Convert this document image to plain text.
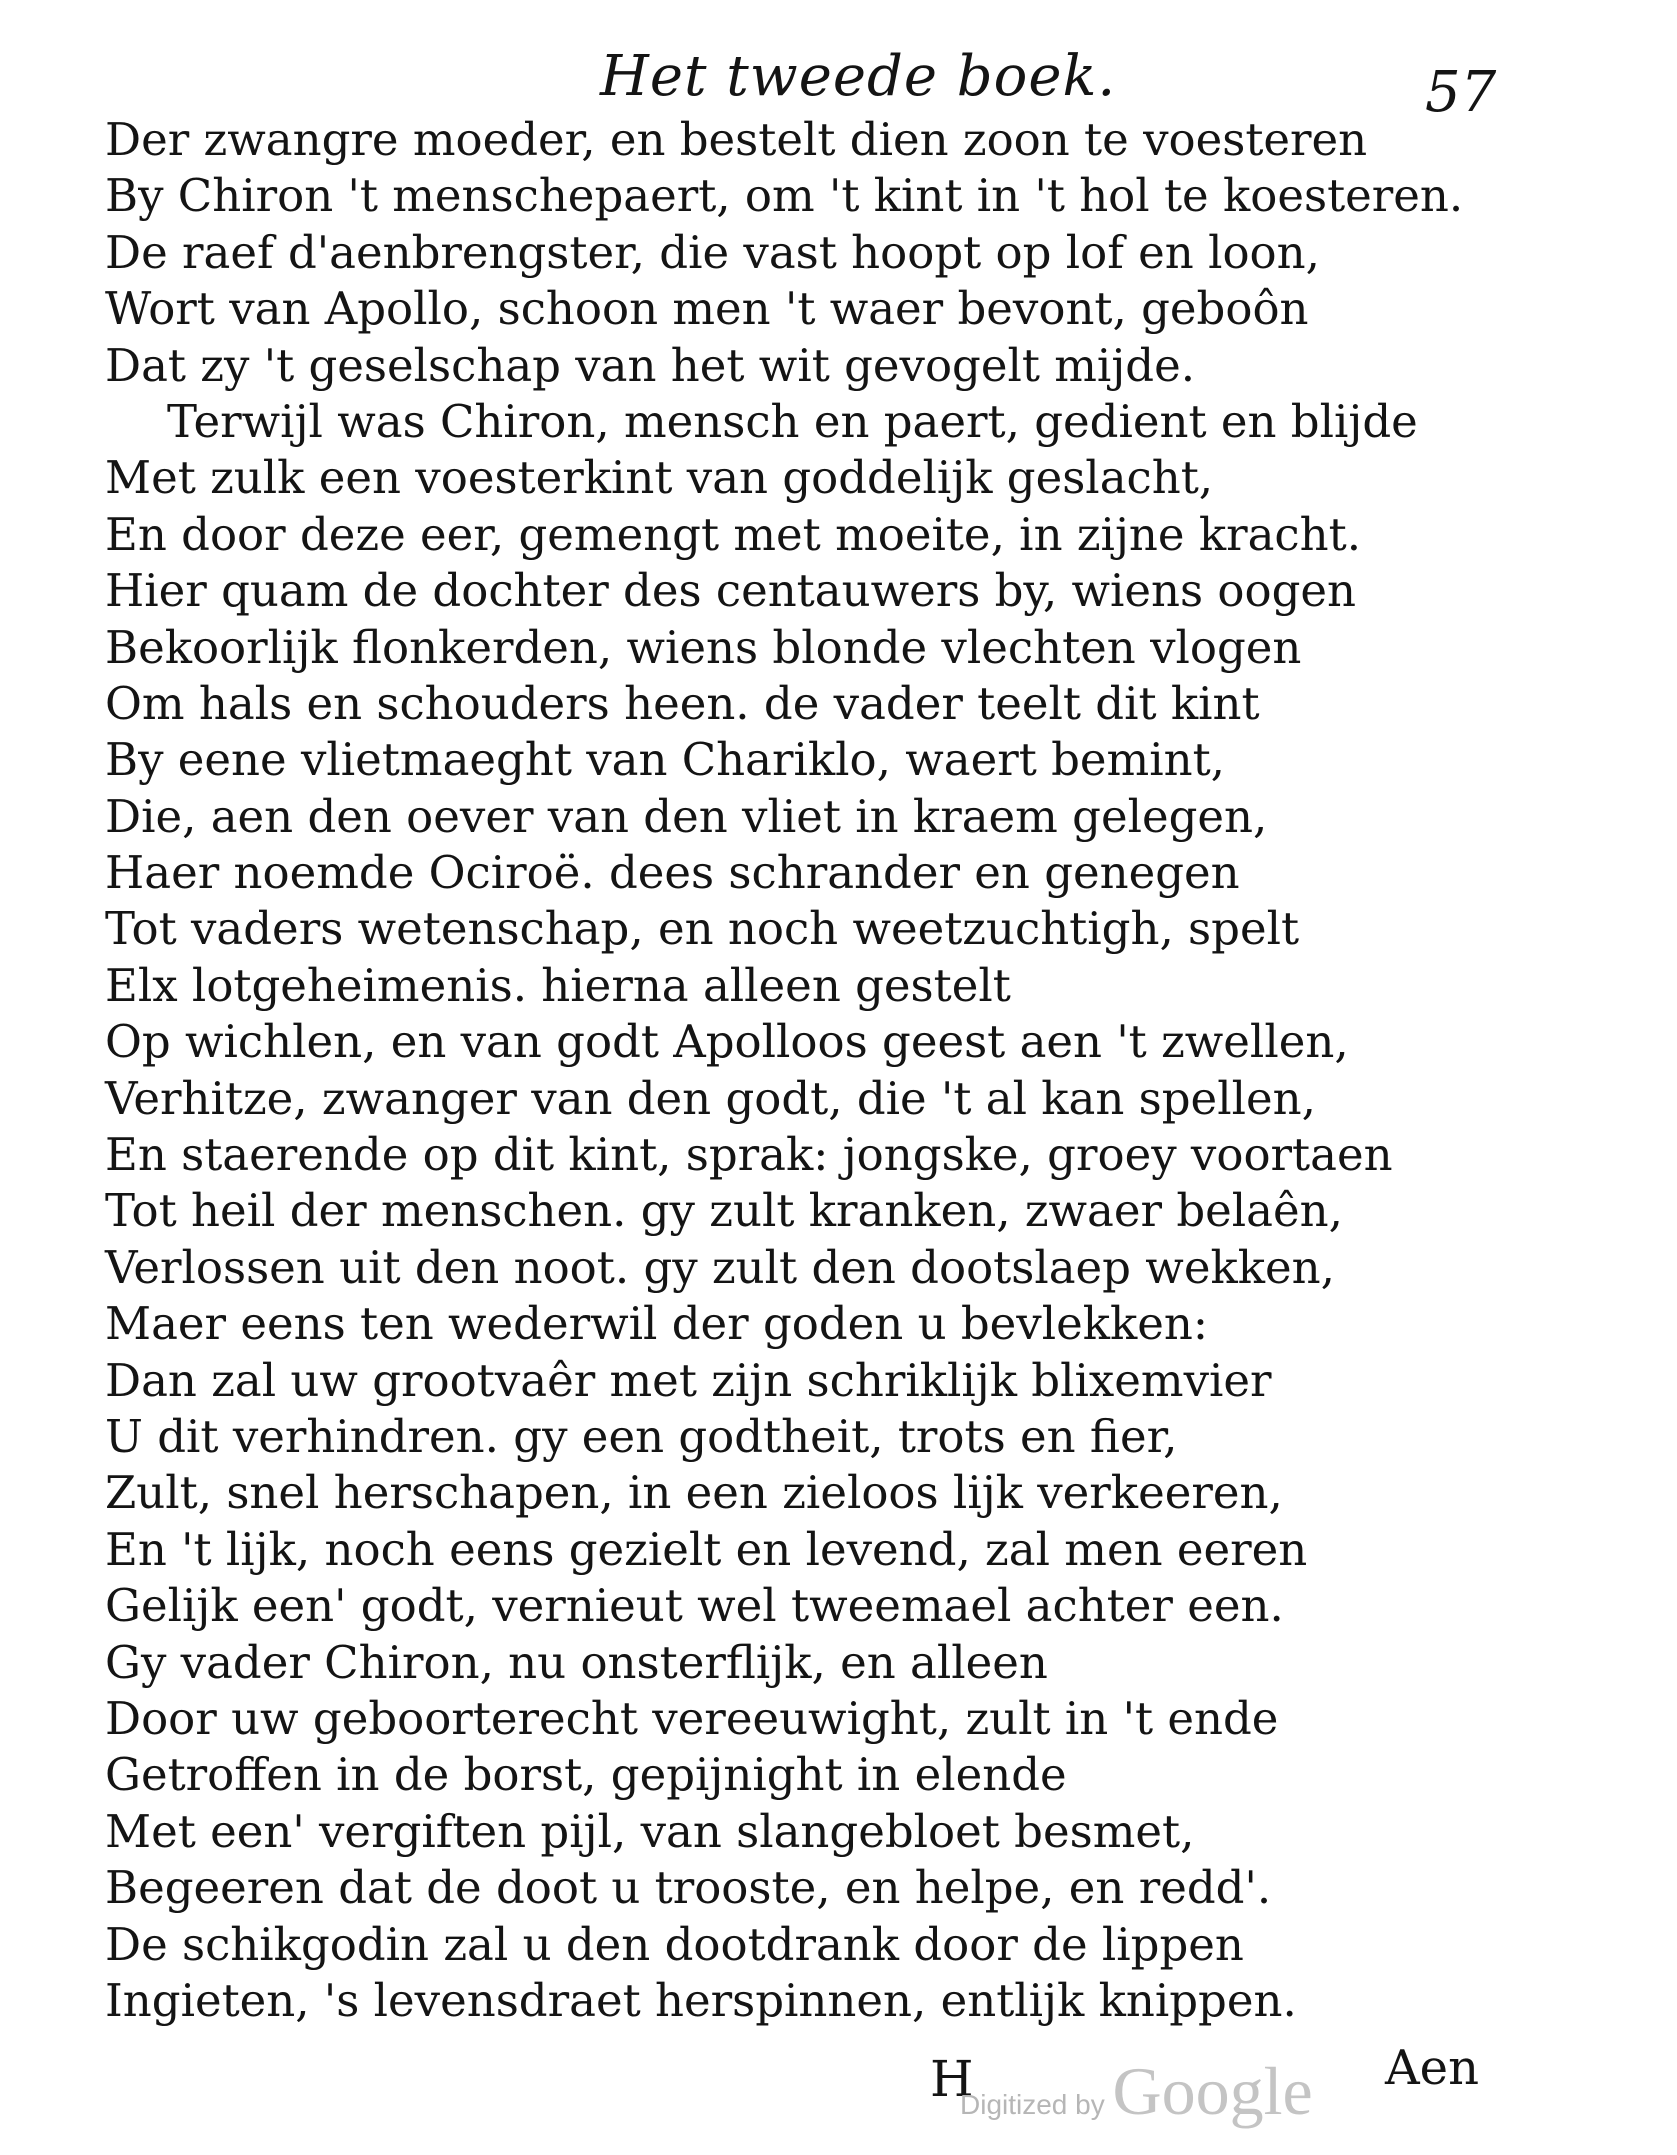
Het tweede boek.	57
Der zwangre moeder, en bestelt dien zoon te voesteren
By Chiron 't menschepaert, om 't kint in 't hol te koesteren.
De raef d'aenbrengster, die vast hoopt op lof en loon,
Wort van Apollo, schoon men 't waer bevont, geboôn
Dat zy 't geselschap van het wit gevogelt mijde.
Terwijl was Chiron, mensch en paert, gedient en blijde
Met zulk een voesterkint van goddelijk geslacht,
En door deze eer, gemengt met moeite, in zijne kracht.
Hier quam de dochter des centauwers by, wiens oogen
Bekoorlijk flonkerden, wiens blonde vlechten vlogen
Om hals en schouders heen. de vader teelt dit kint
By eene vlietmaeght van Chariklo, waert bemint,
Die, aen den oever van den vliet in kraem gelegen,
Haer noemde Ociroë. dees schrander en genegen
Tot vaders wetenschap, en noch weetzuchtigh, spelt
Elx lotgeheimenis. hierna alleen gestelt
Op wichlen, en van godt Apolloos geest aen 't zwellen,
Verhitze, zwanger van den godt, die 't al kan spellen,
En staerende op dit kint, sprak: jongske, groey voortaen
Tot heil der menschen. gy zult kranken, zwaer belaên,
Verlossen uit den noot. gy zult den dootslaep wekken,
Maer eens ten wederwil der goden u bevlekken:
Dan zal uw grootvaêr met zijn schriklijk blixemvier
U dit verhindren. gy een godtheit, trots en fier,
Zult, snel herschapen, in een zieloos lijk verkeeren,
En 't lijk, noch eens gezielt en levend, zal men eeren
Gelijk een' godt, vernieut wel tweemael achter een.
Gy vader Chiron, nu onsterflijk, en alleen
Door uw geboorterecht vereeuwight, zult in 't ende
Getroffen in de borst, gepijnight in elende
Met een' vergiften pijl, van slangebloet besmet,
Begeeren dat de doot u trooste, en helpe, en redd'.
De schikgodin zal u den dootdrank door de lippen
Ingieten, 's levensdraet herspinnen, entlijk knippen.
H
Digitized by Google Aen
